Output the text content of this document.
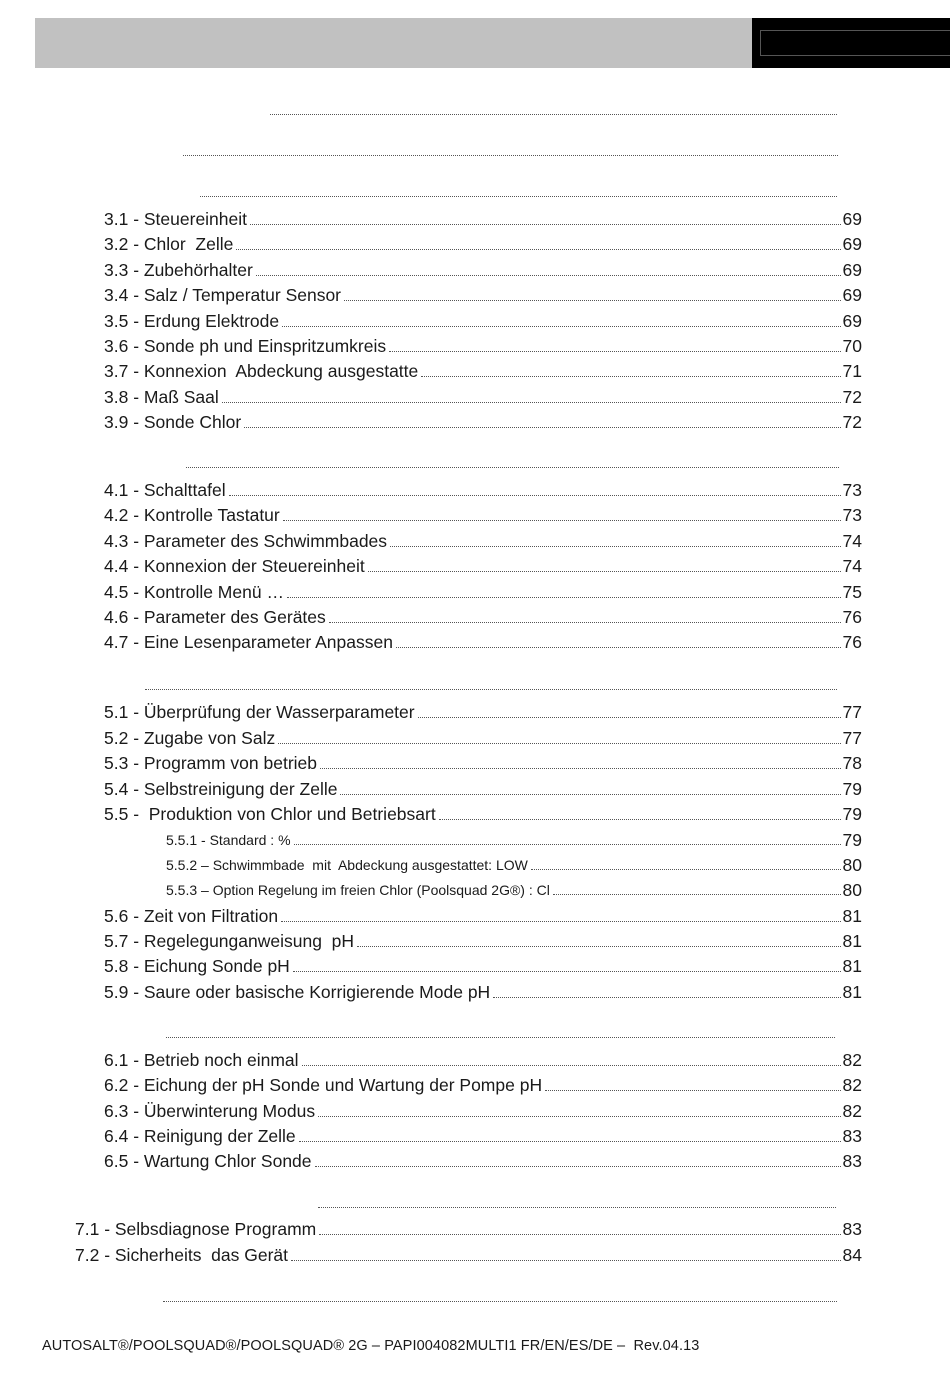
3.1 - Steuereinheit	69
3.2 - Chlor  Zelle	69
3.3 - Zubehörhalter	69
3.4 - Salz / Temperatur Sensor	69
3.5 - Erdung Elektrode	69
3.6 - Sonde ph und Einspritzumkreis	70
3.7 - Konnexion  Abdeckung ausgestatte	71
3.8 - Maß Saal	72
3.9 - Sonde Chlor	72
4.1 - Schalttafel	73
4.2 - Kontrolle Tastatur	73
4.3 - Parameter des Schwimmbades	74
4.4 - Konnexion der Steuereinheit	74
4.5 - Kontrolle Menü …	75
4.6 - Parameter des Gerätes	76
4.7 - Eine Lesenparameter Anpassen	76
5.1 - Überprüfung der Wasserparameter	77
5.2 - Zugabe von Salz	77
5.3 - Programm von betrieb	78
5.4 - Selbstreinigung der Zelle	79
5.5 -  Produktion von Chlor und Betriebsart	79
5.5.1 - Standard : %	79
5.5.2 – Schwimmbade  mit  Abdeckung ausgestattet: LOW	80
5.5.3 – Option Regelung im freien Chlor (Poolsquad 2G®) : Cl	80
5.6 - Zeit von Filtration	81
5.7 - Regelegunganweisung  pH	81
5.8 - Eichung Sonde pH	81
5.9 - Saure oder basische Korrigierende Mode pH	81
6.1 - Betrieb noch einmal	82
6.2 - Eichung der pH Sonde und Wartung der Pompe pH	82
6.3 - Überwinterung Modus	82
6.4 - Reinigung der Zelle	83
6.5 - Wartung Chlor Sonde	83
7.1 - Selbsdiagnose Programm	83
7.2 - Sicherheits  das Gerät	84
AUTOSALT®/POOLSQUAD®/POOLSQUAD® 2G – PAPI004082MULTI1 FR/EN/ES/DE –  Rev.04.13
